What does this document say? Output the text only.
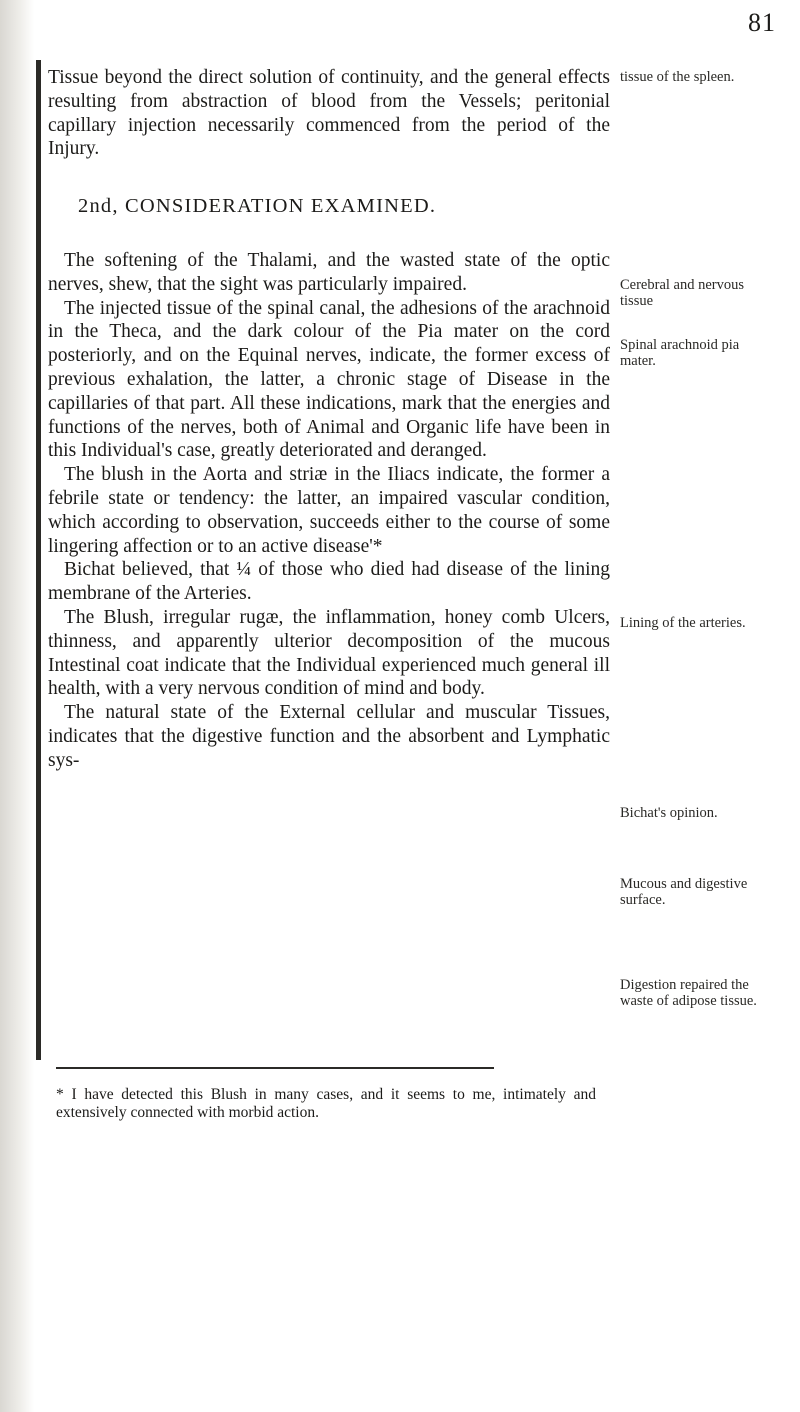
81

Tissue beyond the direct solution of continuity, and the general effects resulting from abstraction of blood from the Vessels; peritonial capillary injection necessarily commenced from the period of the Injury.

2nd, CONSIDERATION EXAMINED.

The softening of the Thalami, and the wasted state of the optic nerves, shew, that the sight was particularly impaired.

The injected tissue of the spinal canal, the adhesions of the arachnoid in the Theca, and the dark colour of the Pia mater on the cord posteriorly, and on the Equinal nerves, indicate, the former excess of previous exhalation, the latter, a chronic stage of Disease in the capillaries of that part. All these indications, mark that the energies and functions of the nerves, both of Animal and Organic life have been in this Individual's case, greatly deteriorated and deranged.

The blush in the Aorta and striæ in the Iliacs indicate, the former a febrile state or tendency: the latter, an impaired vascular condition, which according to observation, succeeds either to the course of some lingering affection or to an active disease'*

Bichat believed, that ¼ of those who died had disease of the lining membrane of the Arteries.

The Blush, irregular rugæ, the inflammation, honey comb Ulcers, thinness, and apparently ulterior decomposition of the mucous Intestinal coat indicate that the Individual experienced much general ill health, with a very nervous condition of mind and body.

The natural state of the External cellular and muscular Tissues, indicates that the digestive function and the absorbent and Lymphatic sys-

tissue of the spleen.
Cerebral and nervous tissue
Spinal arachnoid pia mater.
Lining of the arteries.
Bichat's opinion.
Mucous and digestive surface.
Digestion repaired the waste of adipose tissue.
* I have detected this Blush in many cases, and it seems to me, intimately and extensively connected with morbid action.
